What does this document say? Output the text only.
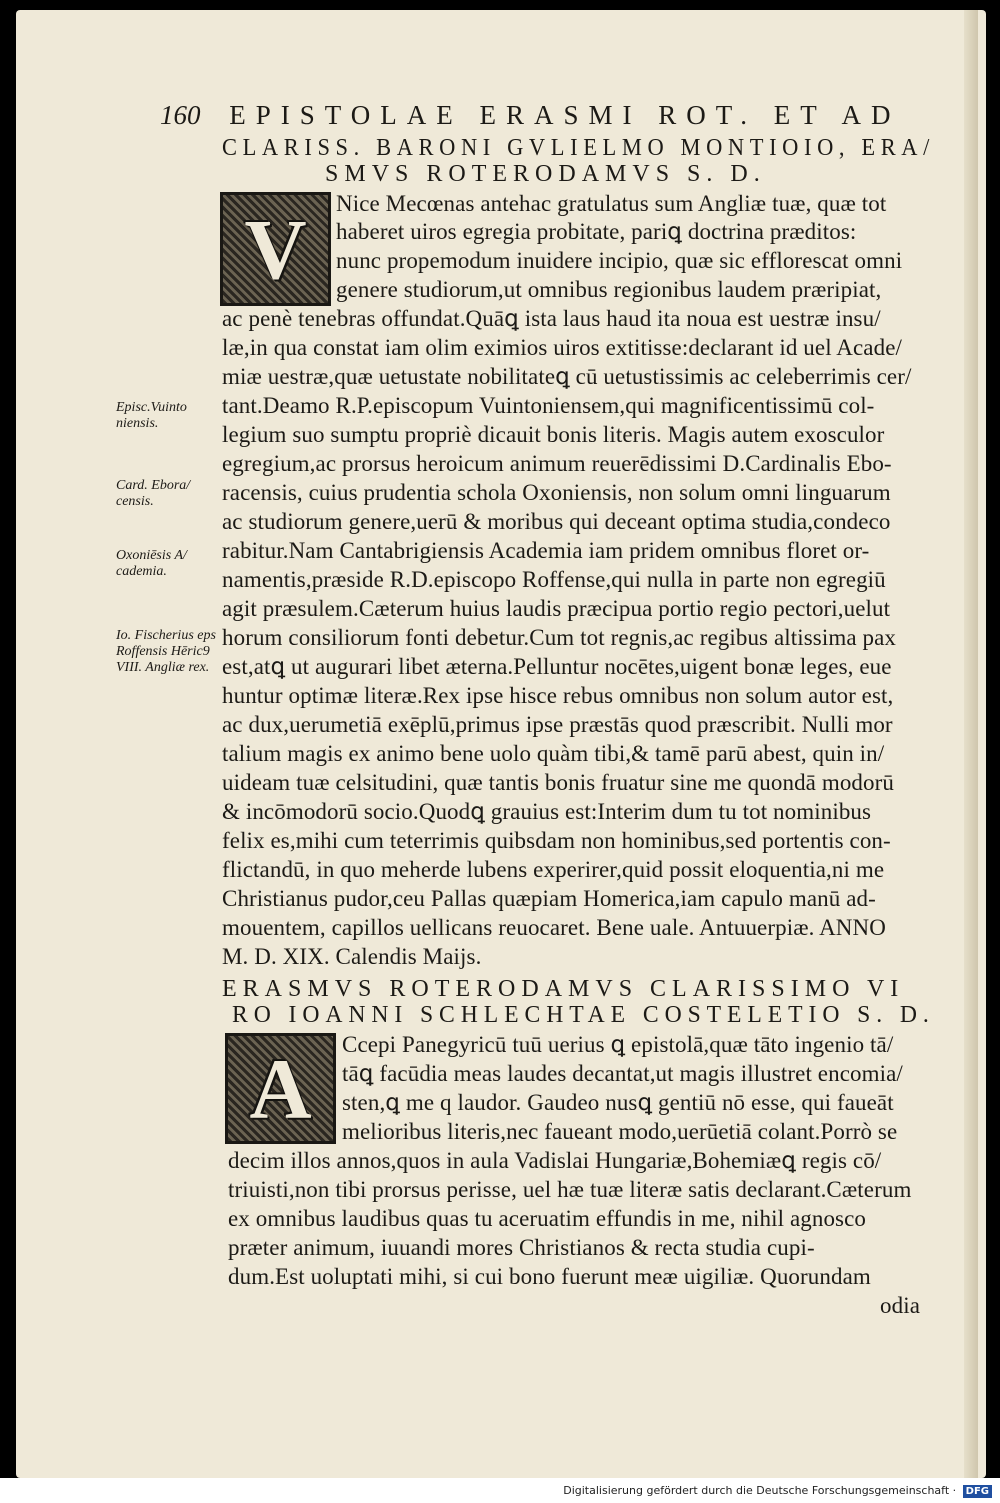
160 EPISTOLAE ERASMI ROT. ET AD
CLARISS. BARONI GVLIELMO MONTIOIO, ERA/
SMVS ROTERODAMVS S. D.
V	Nice Mecœnas antehac gratulatus sum Angliæ tuæ, quæ tot
haberet uiros egregia probitate, pariꝗ doctrina præditos:
nunc propemodum inuidere incipio, quæ sic efflorescat omni
genere studiorum,ut omnibus regionibus laudem præripiat,
ac penè tenebras offundat.Quāꝗ ista laus haud ita noua est uestræ insu/
læ,in qua constat iam olim eximios uiros extitisse:declarant id uel Acade/
miæ uestræ,quæ uetustate nobilitateꝗ cū uetustissimis ac celeberrimis cer/
tant.Deamo R.P.episcopum Vuintoniensem,qui magnificentissimū col-
legium suo sumptu propriè dicauit bonis literis. Magis autem exosculor
egregium,ac prorsus heroicum animum reuerēdissimi D.Cardinalis Ebo-
racensis, cuius prudentia schola Oxoniensis, non solum omni linguarum
ac studiorum genere,uerū & moribus qui deceant optima studia,condeco
rabitur.Nam Cantabrigiensis Academia iam pridem omnibus floret or-
namentis,præside R.D.episcopo Roffense,qui nulla in parte non egregiū
agit præsulem.Cæterum huius laudis præcipua portio regio pectori,uelut
horum consiliorum fonti debetur.Cum tot regnis,ac regibus altissima pax
est,atꝗ ut augurari libet æterna.Pelluntur nocētes,uigent bonæ leges, eue
huntur optimæ literæ.Rex ipse hisce rebus omnibus non solum autor est,
ac dux,uerumetiā exēplū,primus ipse præstās quod præscribit. Nulli mor
talium magis ex animo bene uolo quàm tibi,& tamē parū abest, quin in/
uideam tuæ celsitudini, quæ tantis bonis fruatur sine me quondā modorū
& incōmodorū socio.Quodꝗ grauius est:Interim dum tu tot nominibus
felix es,mihi cum teterrimis quibsdam non hominibus,sed portentis con-
flictandū, in quo meherde lubens experirer,quid possit eloquentia,ni me
Christianus pudor,ceu Pallas quæpiam Homerica,iam capulo manū ad-
mouentem, capillos uellicans reuocaret. Bene uale. Antuuerpiæ. ANNO
M. D. XIX. Calendis Maijs.
Episc.Vuinto niensis.
Card. Ebora/ censis.
Oxoniēsis A/ cademia.
Io. Fischerius eps Roffensis Hēric9 VIII. Angliæ rex.
ERASMVS ROTERODAMVS CLARISSIMO VI
RO IOANNI SCHLECHTAE COSTELETIO S. D.
A	Ccepi Panegyricū tuū uerius ꝗ epistolā,quæ tāto ingenio tā/
tāꝗ facūdia meas laudes decantat,ut magis illustret encomia/
sten,ꝗ me q laudor. Gaudeo nusꝗ gentiū nō esse, qui faueāt
melioribus literis,nec faueant modo,uerūetiā colant.Porrò se
decim illos annos,quos in aula Vadislai Hungariæ,Bohemiæꝗ regis cō/
triuisti,non tibi prorsus perisse, uel hæ tuæ literæ satis declarant.Cæterum
ex omnibus laudibus quas tu aceruatim effundis in me, nihil agnosco
præter animum, iuuandi mores Christianos & recta studia cupi-
dum.Est uoluptati mihi, si cui bono fuerunt meæ uigiliæ. Quorundam
odia
Digitalisierung gefördert durch die Deutsche Forschungsgemeinschaft · DFG
